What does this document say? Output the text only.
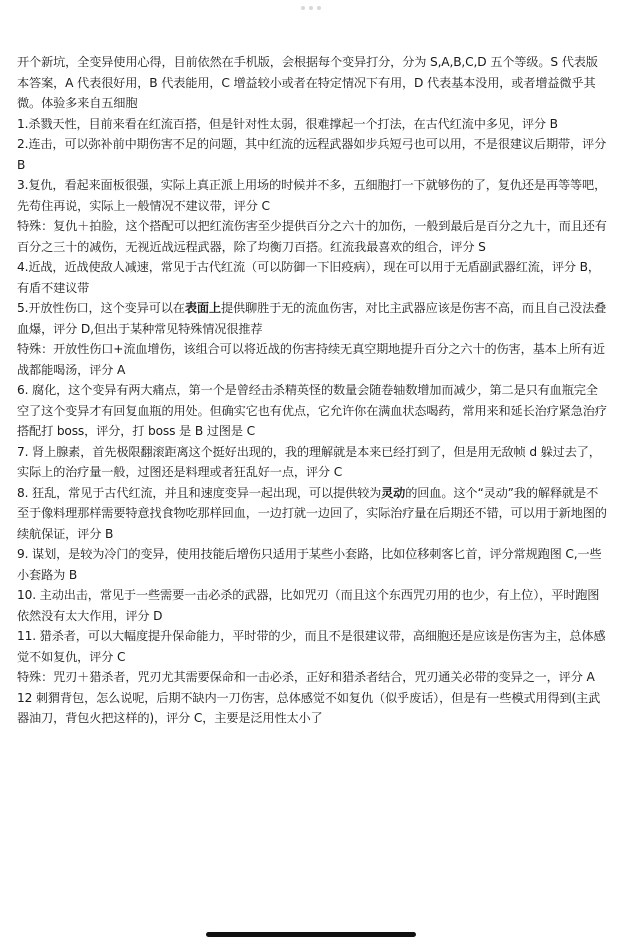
开个新坑，全变异使用心得，目前依然在手机版，会根据每个变异打分，分为 S,A,B,C,D 五个等级。S 代表版本答案，A 代表很好用，B 代表能用，C 增益较小或者在特定情况下有用，D 代表基本没用，或者增益微乎其微。体验多来自五细胞

1.杀戮天性，目前来看在红流百搭，但是针对性太弱，很难撑起一个打法，在古代红流中多见，评分 B

2.连击，可以弥补前中期伤害不足的问题，其中红流的远程武器如步兵短弓也可以用，不是很建议后期带，评分 B

3.复仇，看起来面板很强，实际上真正派上用场的时候并不多，五细胞打一下就够伤的了，复仇还是再等等吧，先苟住再说，实际上一般情况不建议带，评分 C

特殊：复仇＋拍脸，这个搭配可以把红流伤害至少提供百分之六十的加伤，一般到最后是百分之九十，而且还有百分之三十的减伤，无视近战远程武器，除了均衡刀百搭。红流我最喜欢的组合，评分 S

4.近战，近战使敌人减速，常见于古代红流（可以防御一下旧疫病），现在可以用于无盾副武器红流，评分 B，有盾不建议带

5.开放性伤口，这个变异可以在表面上提供聊胜于无的流血伤害，对比主武器应该是伤害不高，而且自己没法叠血爆，评分 D,但出于某种常见特殊情况很推荐

特殊：开放性伤口+流血增伤，该组合可以将近战的伤害持续无真空期地提升百分之六十的伤害，基本上所有近战都能喝汤，评分 A

6. 腐化，这个变异有两大痛点，第一个是曾经击杀精英怪的数量会随卷轴数增加而减少，第二是只有血瓶完全空了这个变异才有回复血瓶的用处。但确实它也有优点，它允许你在满血状态喝药，常用来和延长治疗紧急治疗搭配打 boss，评分，打 boss 是 B 过图是 C

7. 肾上腺素，首先极限翻滚距离这个挺好出现的，我的理解就是本来已经打到了，但是用无敌帧 d 躲过去了，实际上的治疗量一般，过图还是料理或者狂乱好一点，评分 C

8. 狂乱，常见于古代红流，并且和速度变异一起出现，可以提供较为灵动的回血。这个“灵动”我的解释就是不至于像料理那样需要特意找食物吃那样回血，一边打就一边回了，实际治疗量在后期还不错，可以用于新地图的续航保证，评分 B

9. 谋划，是较为冷门的变异，使用技能后增伤只适用于某些小套路，比如位移刺客匕首，评分常规跑图 C,一些小套路为 B

10. 主动出击，常见于一些需要一击必杀的武器，比如咒刃（而且这个东西咒刃用的也少，有上位），平时跑图依然没有太大作用，评分 D

11. 猎杀者，可以大幅度提升保命能力，平时带的少，而且不是很建议带，高细胞还是应该是伤害为主，总体感觉不如复仇，评分 C

特殊：咒刃＋猎杀者，咒刃尤其需要保命和一击必杀，正好和猎杀者结合，咒刃通关必带的变异之一，评分 A

12 刺猬背包，怎么说呢，后期不缺内一刀伤害，总体感觉不如复仇（似乎废话），但是有一些模式用得到(主武器油刀，背包火把这样的)，评分 C，主要是泛用性太小了
